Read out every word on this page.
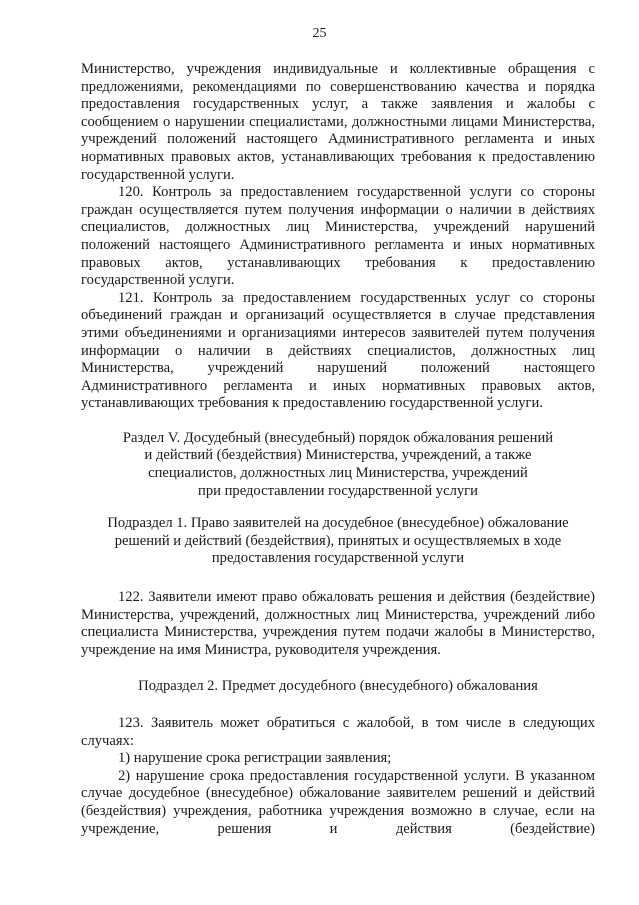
25

Министерство, учреждения индивидуальные и коллективные обращения с предложениями, рекомендациями по совершенствованию качества и порядка предоставления государственных услуг, а также заявления и жалобы с сообщением о нарушении специалистами, должностными лицами Министерства, учреждений положений настоящего Административного регламента и иных нормативных правовых актов, устанавливающих требования к предоставлению государственной услуги.

120. Контроль за предоставлением государственной услуги со стороны граждан осуществляется путем получения информации о наличии в действиях специалистов, должностных лиц Министерства, учреждений нарушений положений настоящего Административного регламента и иных нормативных правовых актов, устанавливающих требования к предоставлению государственной услуги.

121. Контроль за предоставлением государственных услуг со стороны объединений граждан и организаций осуществляется в случае представления этими объединениями и организациями интересов заявителей путем получения информации о наличии в действиях специалистов, должностных лиц Министерства, учреждений нарушений положений настоящего Административного регламента и иных нормативных правовых актов, устанавливающих требования к предоставлению государственной услуги.

Раздел V. Досудебный (внесудебный) порядок обжалования решений
и действий (бездействия) Министерства, учреждений, а также
специалистов, должностных лиц Министерства, учреждений
при предоставлении государственной услуги
Подраздел 1. Право заявителей на досудебное (внесудебное) обжалование
решений и действий (бездействия), принятых и осуществляемых в ходе
предоставления государственной услуги

122. Заявители имеют право обжаловать решения и действия (бездействие) Министерства, учреждений, должностных лиц Министерства, учреждений либо специалиста Министерства, учреждения путем подачи жалобы в Министерство, учреждение на имя Министра, руководителя учреждения.

Подраздел 2. Предмет досудебного (внесудебного) обжалования

123. Заявитель может обратиться с жалобой, в том числе в следующих случаях:

1) нарушение срока регистрации заявления;

2) нарушение срока предоставления государственной услуги. В указанном случае досудебное (внесудебное) обжалование заявителем решений и действий (бездействия) учреждения, работника учреждения возможно в случае, если на учреждение, решения и действия (бездействие)
